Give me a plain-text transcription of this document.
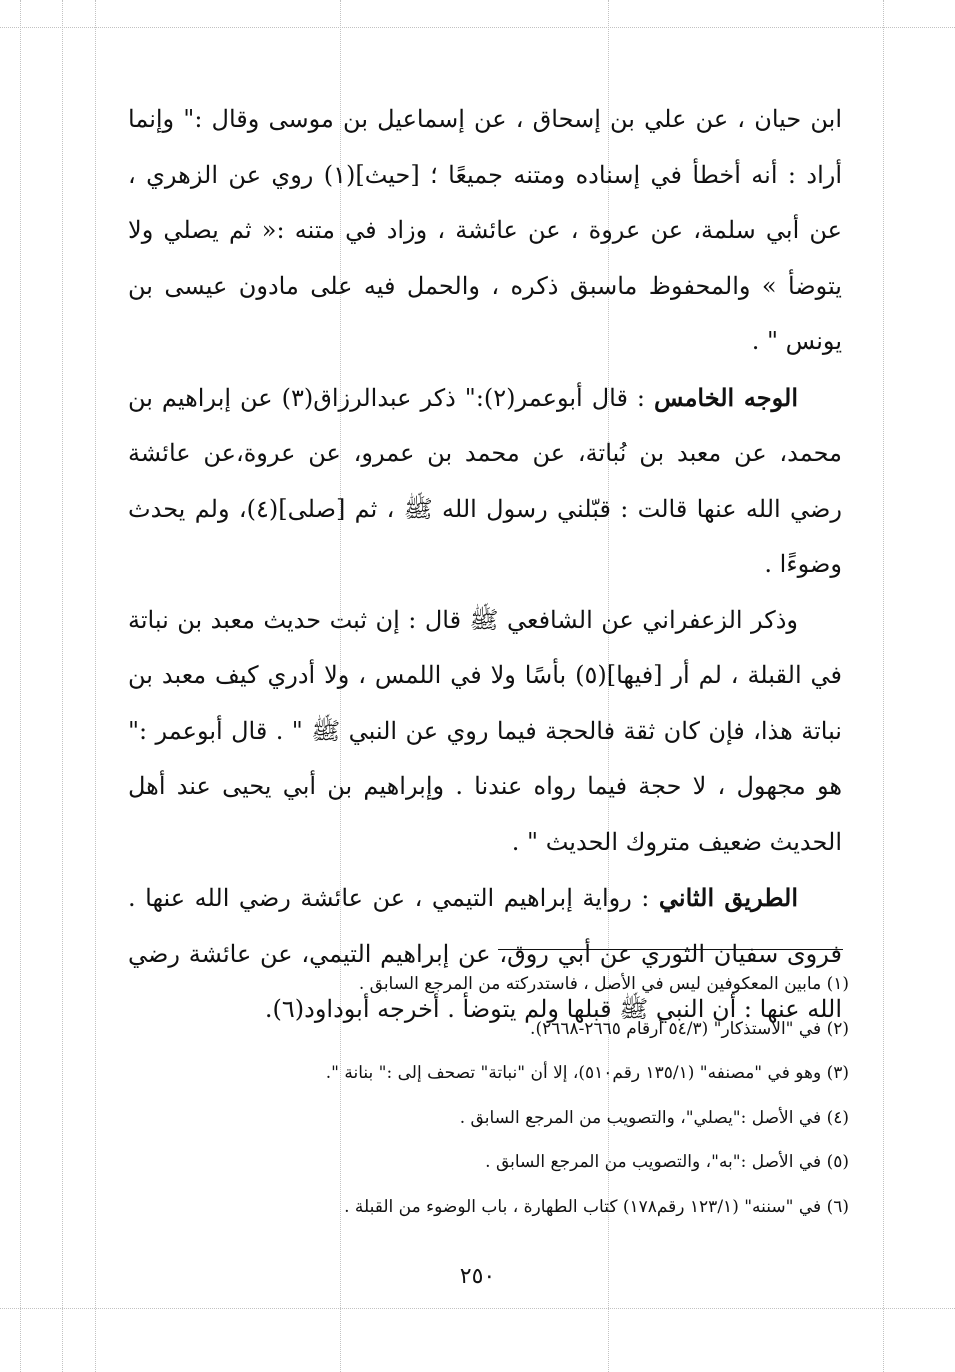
ابن حيان ، عن علي بن إسحاق ، عن إسماعيل بن موسى وقال :" وإنما أراد : أنه أخطأ في إسناده ومتنه جميعًا ؛ [حيث](١) روي عن الزهري ، عن أبي سلمة، عن عروة ، عن عائشة ، وزاد في متنه :« ثم يصلي ولا يتوضأ » والمحفوظ ماسبق ذكره ، والحمل فيه على مادون عيسى بن يونس " .

الوجه الخامس : قال أبوعمر(٢):" ذكر عبدالرزاق(٣) عن إبراهيم بن محمد، عن معبد بن نُباتة، عن محمد بن عمرو، عن عروة،عن عائشة رضي الله عنها قالت : قبّلني رسول الله ﷺ ، ثم [صلى](٤)، ولم يحدث وضوءًا .

وذكر الزعفراني عن الشافعي ﷺ قال : إن ثبت حديث معبد بن نباتة في القبلة ، لم أر [فيها](٥) بأسًا ولا في اللمس ، ولا أدري كيف معبد بن نباتة هذا، فإن كان ثقة فالحجة فيما روي عن النبي ﷺ " . قال أبوعمر :" هو مجهول ، لا حجة فيما رواه عندنا . وإبراهيم بن أبي يحيى عند أهل الحديث ضعيف متروك الحديث " .

الطريق الثاني : رواية إبراهيم التيمي ، عن عائشة رضي الله عنها . فروى سفيان الثوري عن أبي روق، عن إبراهيم التيمي، عن عائشة رضي الله عنها : أن النبي ﷺ قبلها ولم يتوضأ . أخرجه أبوداود(٦).

(١) مابين المعكوفين ليس في الأصل ، فاستدركته من المرجع السابق .
(٢) في "الاستذكار" (٥٤/٣ أرقام ٢٦٦٥-٢٦٦٨).
(٣) وهو في "مصنفه" (١٣٥/١ رقم٥١٠)، إلا أن "نباتة" تصحف إلى :" بنانة ".
(٤) في الأصل :"يصلي"، والتصويب من المرجع السابق .
(٥) في الأصل :"به"، والتصويب من المرجع السابق .
(٦) في "سننه" (١٢٣/١ رقم١٧٨) كتاب الطهارة ، باب الوضوء من القبلة .
٢٥٠
